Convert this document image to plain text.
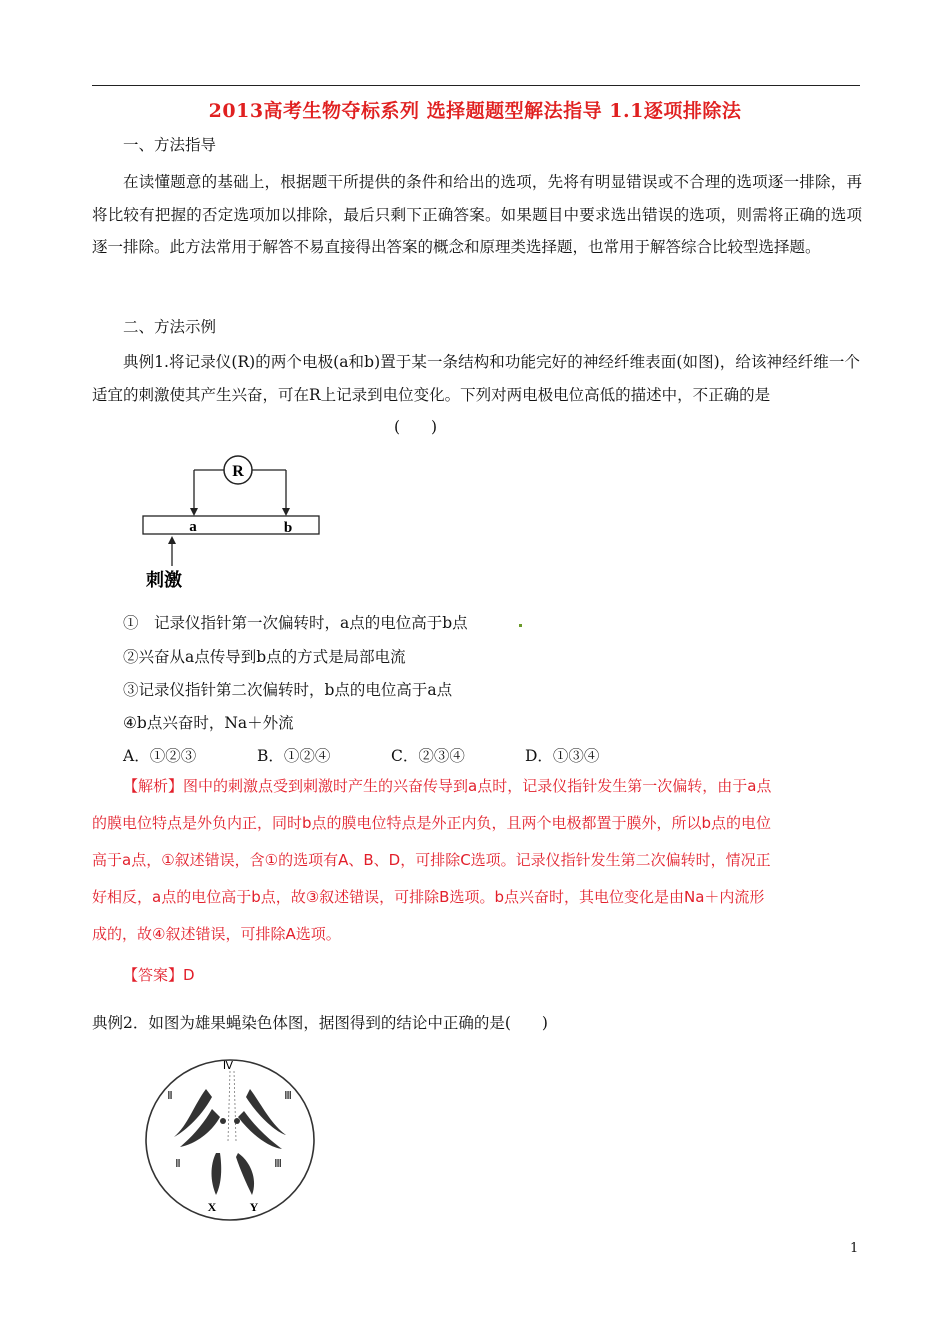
2013高考生物夺标系列 选择题题型解法指导 1.1逐项排除法
一、方法指导
在读懂题意的基础上，根据题干所提供的条件和给出的选项，先将有明显错误或不合理的选项逐一排除，再将比较有把握的否定选项加以排除，最后只剩下正确答案。如果题目中要求选出错误的选项，则需将正确的选项逐一排除。此方法常用于解答不易直接得出答案的概念和原理类选择题，也常用于解答综合比较型选择题。
二、方法示例
典例1.将记录仪(R)的两个电极(a和b)置于某一条结构和功能完好的神经纤维表面(如图)，给该神经纤维一个适宜的刺激使其产生兴奋，可在R上记录到电位变化。下列对两电极电位高低的描述中，不正确的是
(　　)
R
a	b
刺激
①　记录仪指针第一次偏转时，a点的电位高于b点
②兴奋从a点传导到b点的方式是局部电流
③记录仪指针第二次偏转时，b点的电位高于a点
④b点兴奋时，Na＋外流
A．①②③	B．①②④	C．②③④	D．①③④
【解析】图中的刺激点受到刺激时产生的兴奋传导到a点时，记录仪指针发生第一次偏转，由于a点的膜电位特点是外负内正，同时b点的膜电位特点是外正内负，且两个电极都置于膜外，所以b点的电位高于a点，①叙述错误，含①的选项有A、B、D，可排除C选项。记录仪指针发生第二次偏转时，情况正好相反，a点的电位高于b点，故③叙述错误，可排除B选项。b点兴奋时，其电位变化是由Na＋内流形成的，故④叙述错误，可排除A选项。
【答案】D
典例2．如图为雄果蝇染色体图，据图得到的结论中正确的是(　　)
Ⅳ
Ⅱ	Ⅲ
Ⅱ	Ⅲ
X	Y
1
